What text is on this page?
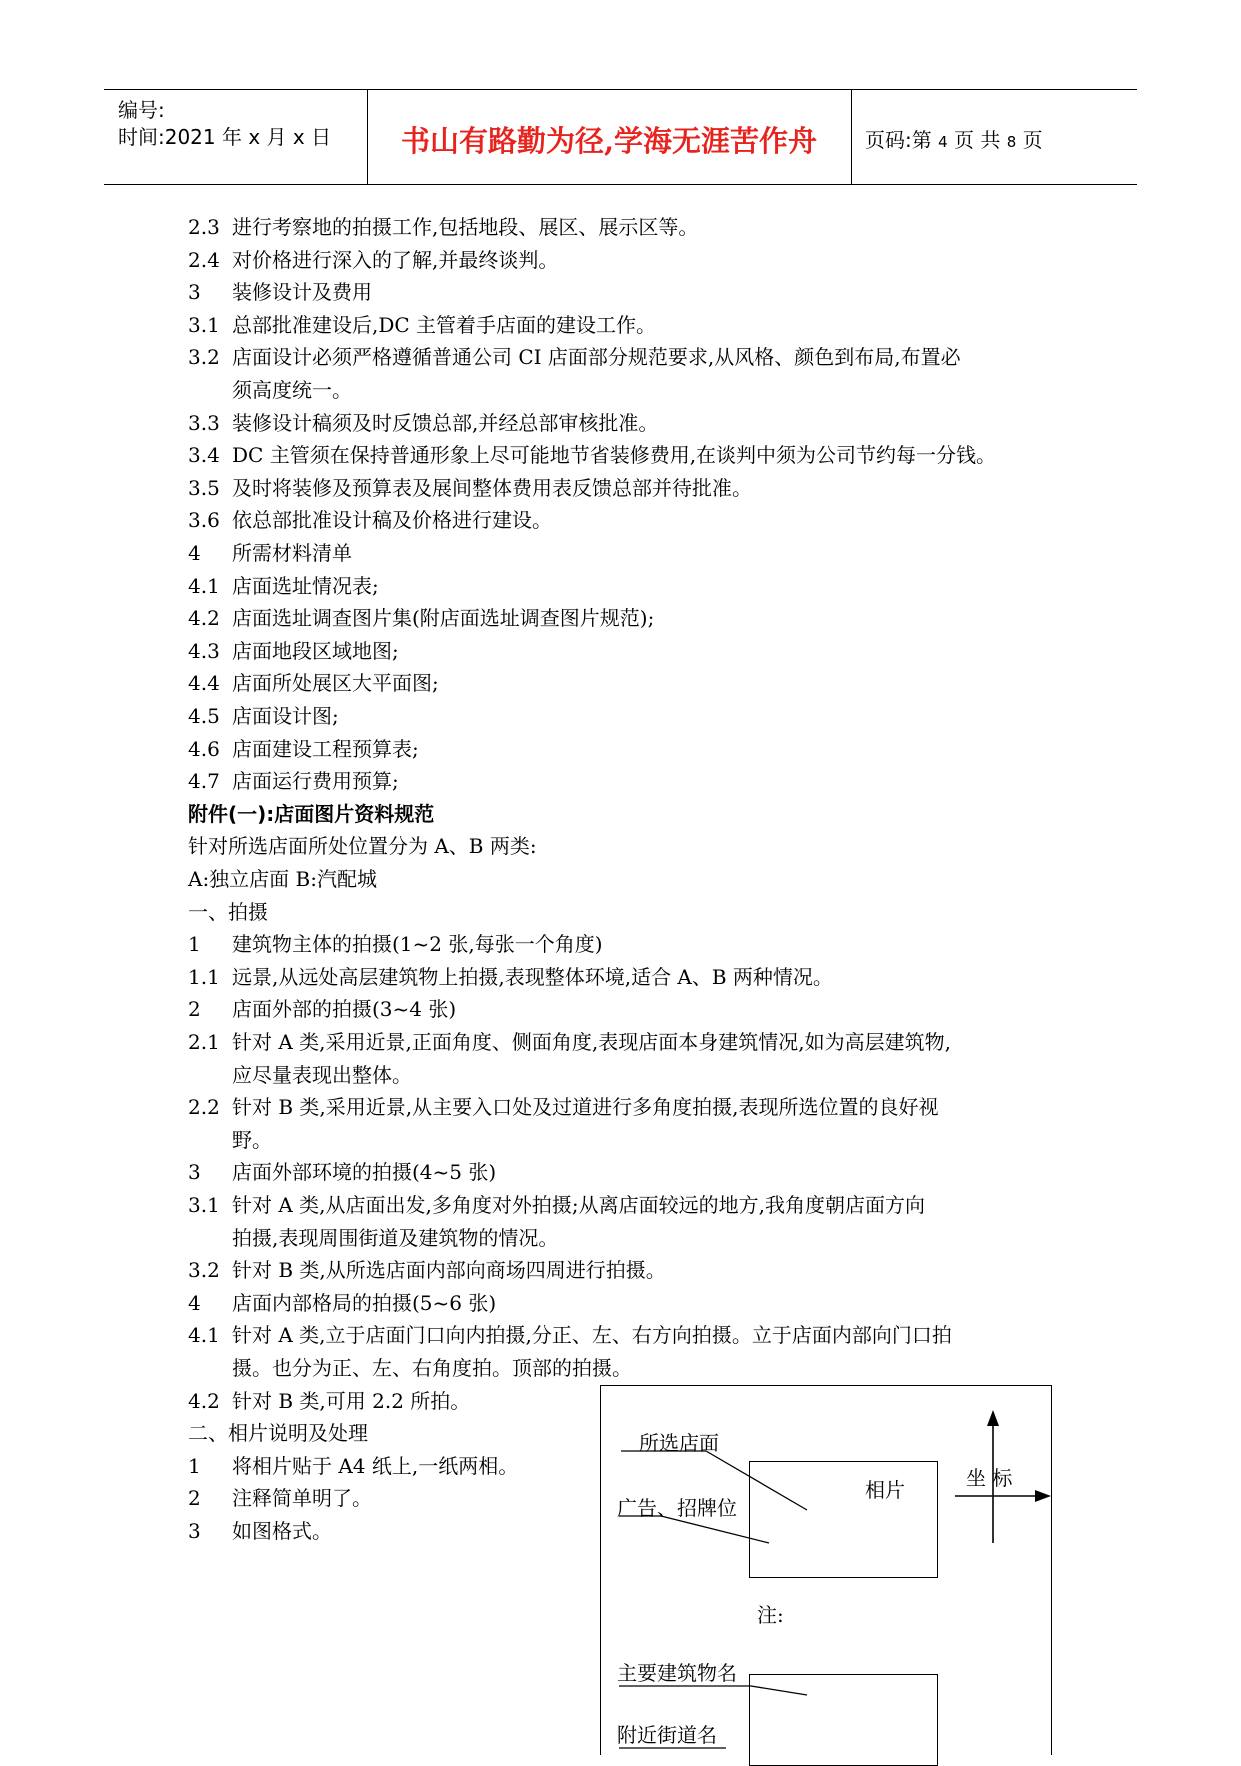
编号:
时间:2021 年 x 月 x 日	书山有路勤为径,学海无涯苦作舟	页码:第 4 页 共 8 页
2.3 进行考察地的拍摄工作,包括地段、展区、展示区等。
2.4 对价格进行深入的了解,并最终谈判。
3 装修设计及费用
3.1 总部批准建设后,DC 主管着手店面的建设工作。
3.2 店面设计必须严格遵循普通公司 CI 店面部分规范要求,从风格、颜色到布局,布置必
须高度统一。
3.3 装修设计稿须及时反馈总部,并经总部审核批准。
3.4 DC 主管须在保持普通形象上尽可能地节省装修费用,在谈判中须为公司节约每一分钱。
3.5 及时将装修及预算表及展间整体费用表反馈总部并待批准。
3.6 依总部批准设计稿及价格进行建设。
4 所需材料清单
4.1 店面选址情况表;
4.2 店面选址调查图片集(附店面选址调查图片规范);
4.3 店面地段区域地图;
4.4 店面所处展区大平面图;
4.5 店面设计图;
4.6 店面建设工程预算表;
4.7 店面运行费用预算;
附件(一):店面图片资料规范
针对所选店面所处位置分为 A、B 两类:
A:独立店面 B:汽配城
一、拍摄
1 建筑物主体的拍摄(1~2 张,每张一个角度)
1.1 远景,从远处高层建筑物上拍摄,表现整体环境,适合 A、B 两种情况。
2 店面外部的拍摄(3~4 张)
2.1 针对 A 类,采用近景,正面角度、侧面角度,表现店面本身建筑情况,如为高层建筑物,
应尽量表现出整体。
2.2 针对 B 类,采用近景,从主要入口处及过道进行多角度拍摄,表现所选位置的良好视
野。
3 店面外部环境的拍摄(4~5 张)
3.1 针对 A 类,从店面出发,多角度对外拍摄;从离店面较远的地方,我角度朝店面方向
拍摄,表现周围街道及建筑物的情况。
3.2 针对 B 类,从所选店面内部向商场四周进行拍摄。
4 店面内部格局的拍摄(5~6 张)
4.1 针对 A 类,立于店面门口向内拍摄,分正、左、右方向拍摄。立于店面内部向门口拍
摄。也分为正、左、右角度拍。顶部的拍摄。
4.2 针对 B 类,可用 2.2 所拍。
二、相片说明及处理
1 将相片贴于 A4 纸上,一纸两相。
2 注释简单明了。
3 如图格式。
所选店面
相片	坐 标
广告、招牌位
注:
主要建筑物名
附近街道名
